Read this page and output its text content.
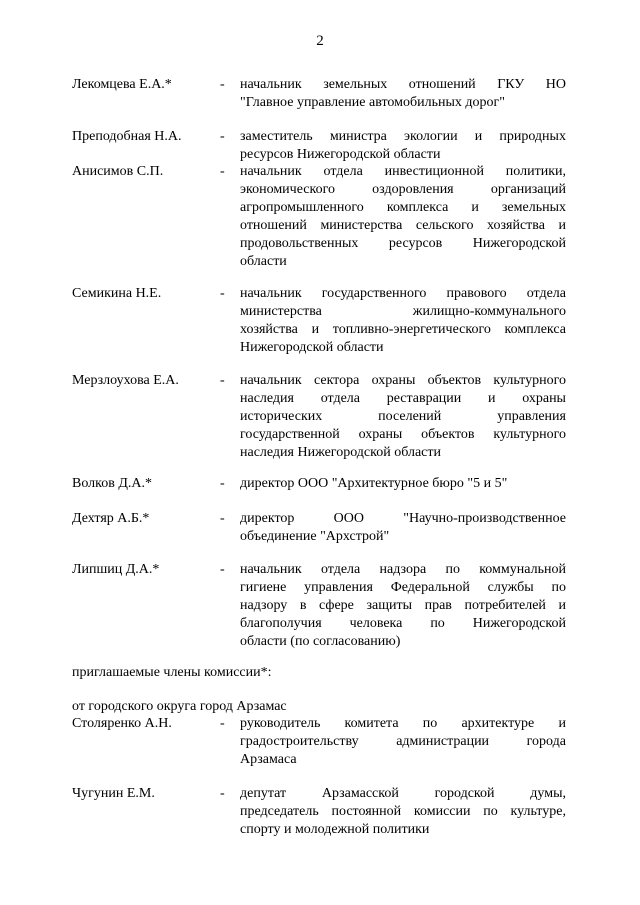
2
Лекомцева Е.А.*	- начальник земельных отношений ГКУ НО
"Главное управление автомобильных дорог"
Преподобная Н.А.	- заместитель министра экологии и природных
ресурсов Нижегородской области
Анисимов С.П.	- начальник отдела инвестиционной политики,
экономического	оздоровления	организаций
агропромышленного комплекса и земельных
отношений министерства сельского хозяйства и
продовольственных ресурсов Нижегородской
области
Семикина Н.Е.	- начальник государственного правового отдела
министерства	жилищно-коммунального
хозяйства и топливно-энергетического комплекса
Нижегородской области
Мерзлоухова Е.А.	- начальник сектора охраны объектов культурного
наследия отдела реставрации и охраны
исторических	поселений	управления
государственной охраны объектов культурного
наследия Нижегородской области
Волков Д.А.*	- директор ООО "Архитектурное бюро "5 и 5"
Дехтяр А.Б.*	- директор	ООО	"Научно-производственное
объединение "Архстрой"
Липшиц Д.А.*	- начальник отдела надзора по коммунальной
гигиене управления Федеральной службы по
надзору в сфере защиты прав потребителей и
благополучия человека по Нижегородской
области (по согласованию)
приглашаемые члены комиссии*:
от городского округа город Арзамас
Столяренко А.Н.	- руководитель комитета по архитектуре и
градостроительству	администрации	города
Арзамаса
Чугунин Е.М.	- депутат	Арзамасской	городской	думы,
председатель постоянной комиссии по культуре,
спорту и молодежной политики
